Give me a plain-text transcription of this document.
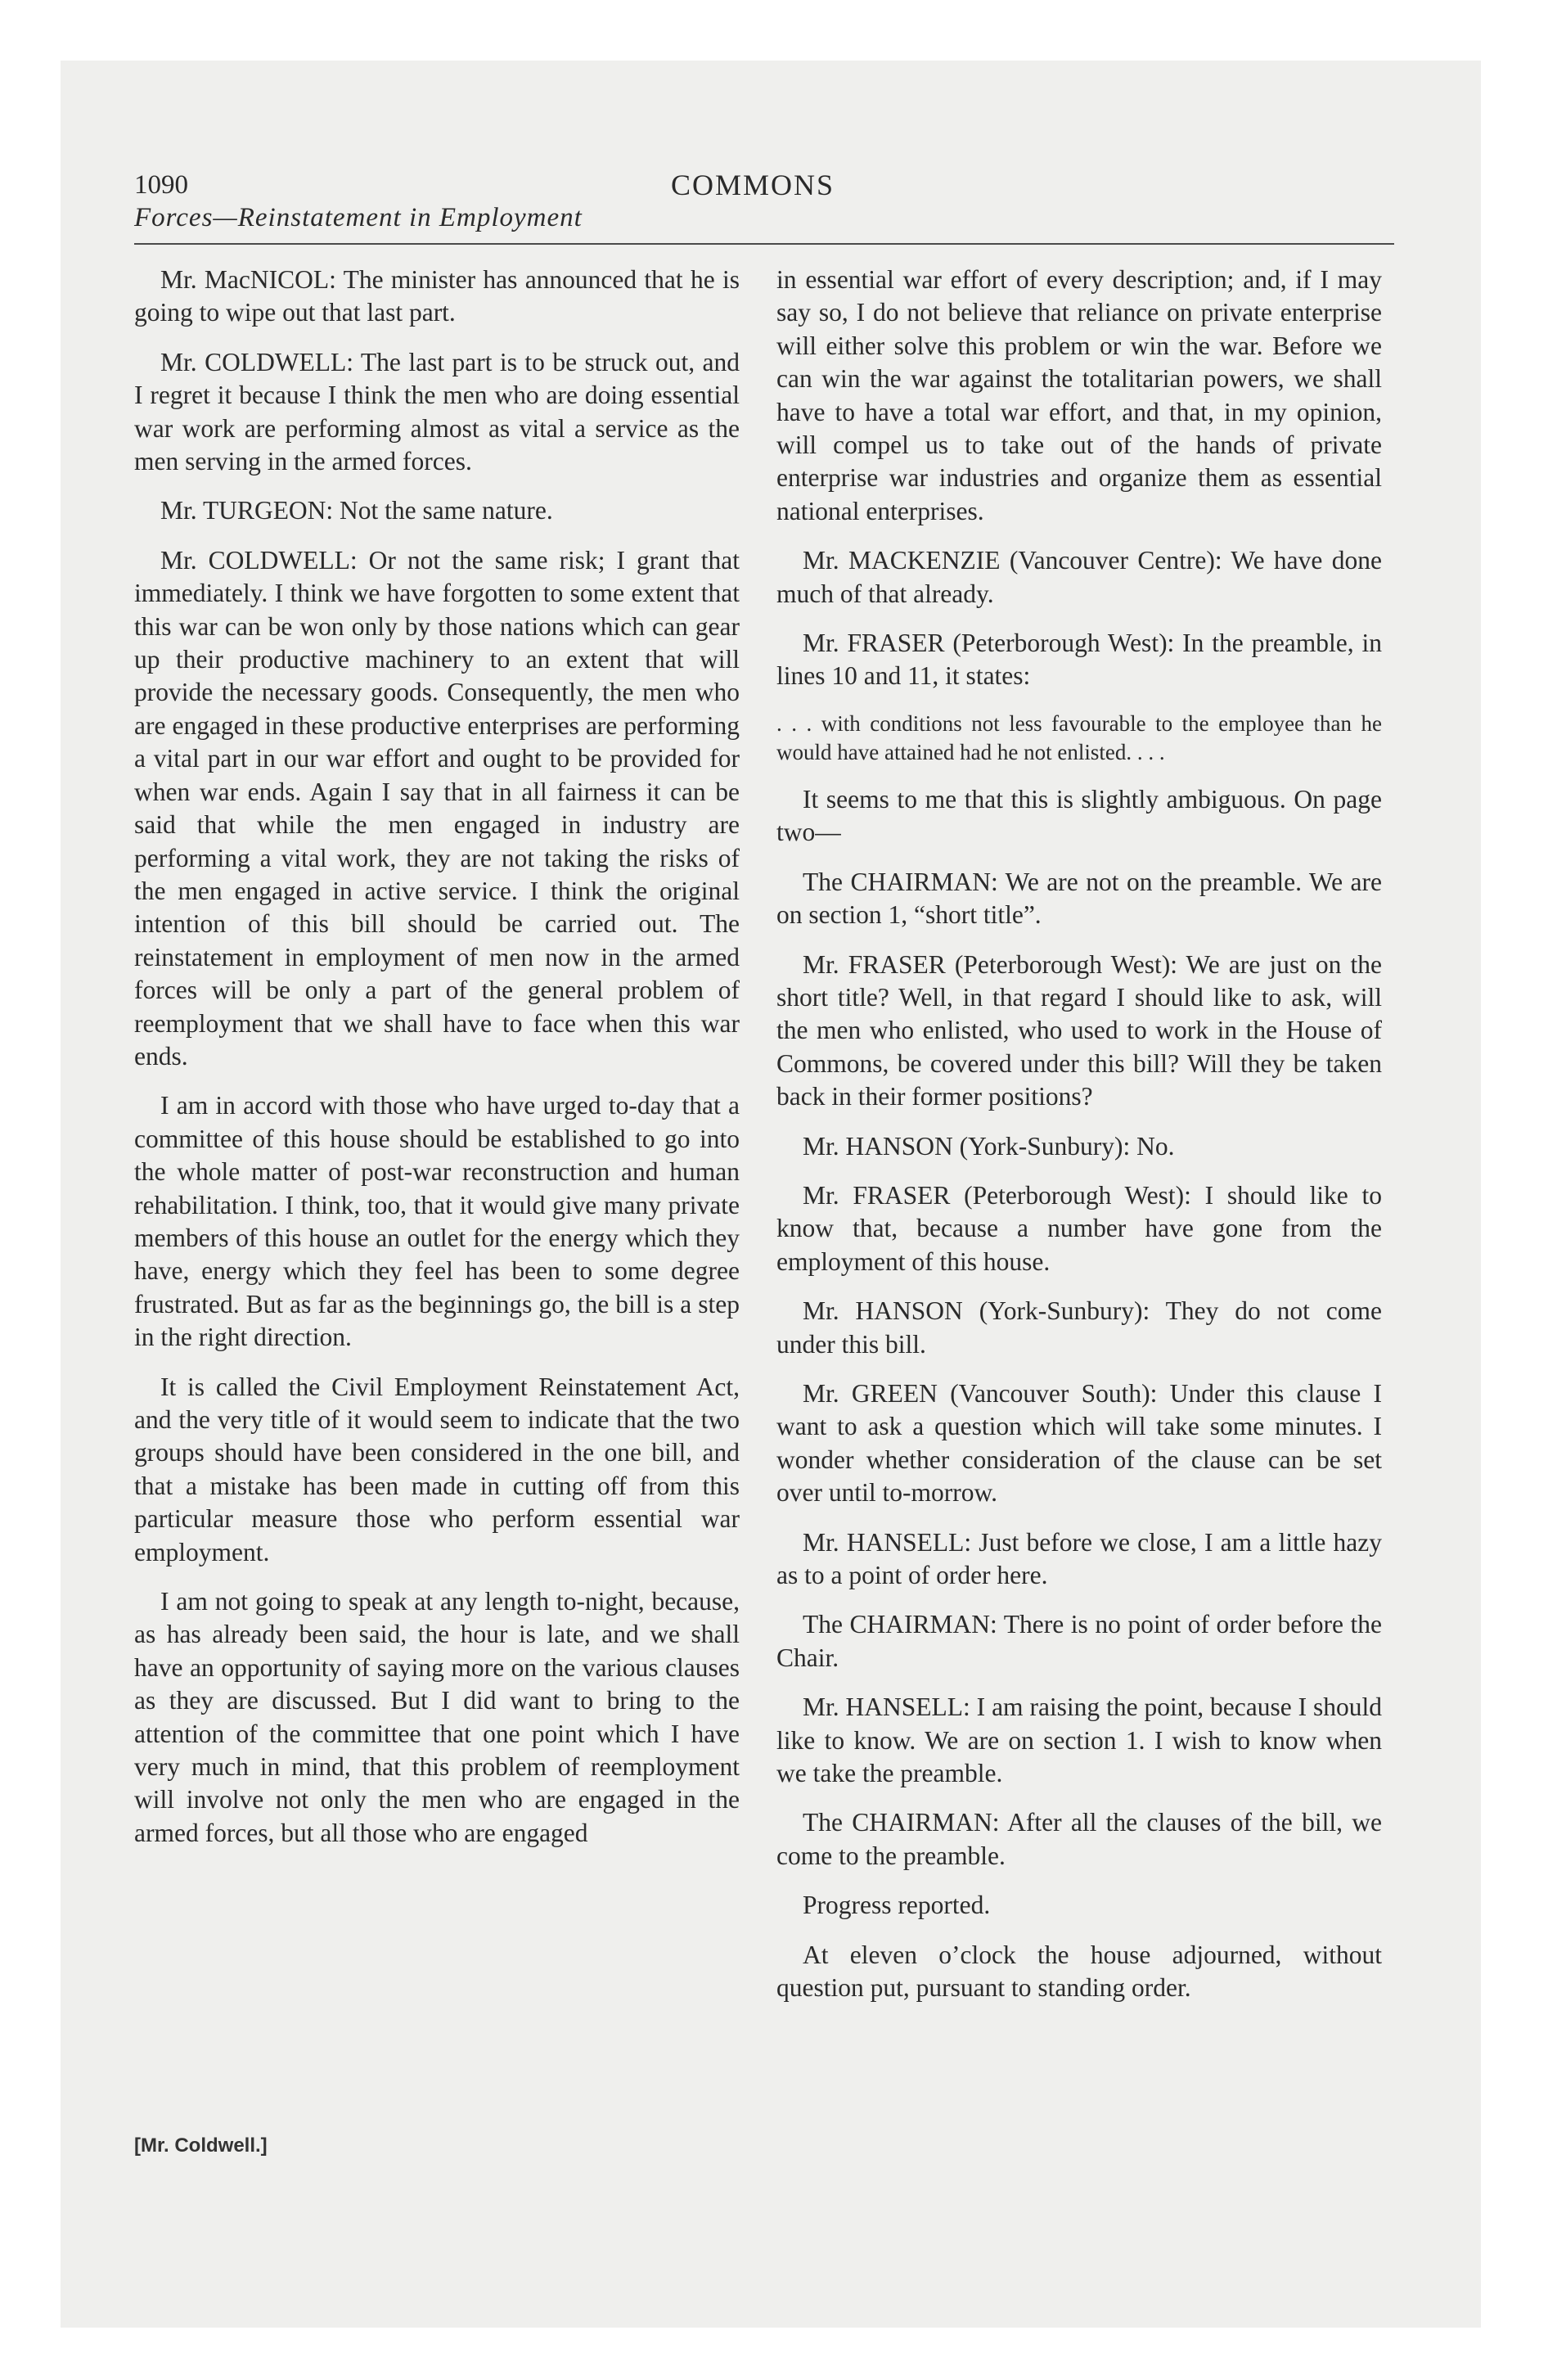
1090
Forces—Reinstatement in Employment
COMMONS

Mr. MacNICOL: The minister has announced that he is going to wipe out that last part.

Mr. COLDWELL: The last part is to be struck out, and I regret it because I think the men who are doing essential war work are performing almost as vital a service as the men serving in the armed forces.

Mr. TURGEON: Not the same nature.

Mr. COLDWELL: Or not the same risk; I grant that immediately. I think we have forgotten to some extent that this war can be won only by those nations which can gear up their productive machinery to an extent that will provide the necessary goods. Consequently, the men who are engaged in these productive enterprises are performing a vital part in our war effort and ought to be provided for when war ends. Again I say that in all fairness it can be said that while the men engaged in industry are performing a vital work, they are not taking the risks of the men engaged in active service. I think the original intention of this bill should be carried out. The reinstatement in employment of men now in the armed forces will be only a part of the general problem of reemployment that we shall have to face when this war ends.

I am in accord with those who have urged to-day that a committee of this house should be established to go into the whole matter of post-war reconstruction and human rehabilitation. I think, too, that it would give many private members of this house an outlet for the energy which they have, energy which they feel has been to some degree frustrated. But as far as the beginnings go, the bill is a step in the right direction.

It is called the Civil Employment Reinstatement Act, and the very title of it would seem to indicate that the two groups should have been considered in the one bill, and that a mistake has been made in cutting off from this particular measure those who perform essential war employment.

I am not going to speak at any length to-night, because, as has already been said, the hour is late, and we shall have an opportunity of saying more on the various clauses as they are discussed. But I did want to bring to the attention of the committee that one point which I have very much in mind, that this problem of reemployment will involve not only the men who are engaged in the armed forces, but all those who are engaged

in essential war effort of every description; and, if I may say so, I do not believe that reliance on private enterprise will either solve this problem or win the war. Before we can win the war against the totalitarian powers, we shall have to have a total war effort, and that, in my opinion, will compel us to take out of the hands of private enterprise war industries and organize them as essential national enterprises.

Mr. MACKENZIE (Vancouver Centre): We have done much of that already.

Mr. FRASER (Peterborough West): In the preamble, in lines 10 and 11, it states:

. . . with conditions not less favourable to the employee than he would have attained had he not enlisted. . . .

It seems to me that this is slightly ambiguous. On page two—

The CHAIRMAN: We are not on the preamble. We are on section 1, “short title”.

Mr. FRASER (Peterborough West): We are just on the short title? Well, in that regard I should like to ask, will the men who enlisted, who used to work in the House of Commons, be covered under this bill? Will they be taken back in their former positions?

Mr. HANSON (York-Sunbury): No.

Mr. FRASER (Peterborough West): I should like to know that, because a number have gone from the employment of this house.

Mr. HANSON (York-Sunbury): They do not come under this bill.

Mr. GREEN (Vancouver South): Under this clause I want to ask a question which will take some minutes. I wonder whether consideration of the clause can be set over until to-morrow.

Mr. HANSELL: Just before we close, I am a little hazy as to a point of order here.

The CHAIRMAN: There is no point of order before the Chair.

Mr. HANSELL: I am raising the point, because I should like to know. We are on section 1. I wish to know when we take the preamble.

The CHAIRMAN: After all the clauses of the bill, we come to the preamble.

Progress reported.

At eleven o’clock the house adjourned, without question put, pursuant to standing order.

[Mr. Coldwell.]
